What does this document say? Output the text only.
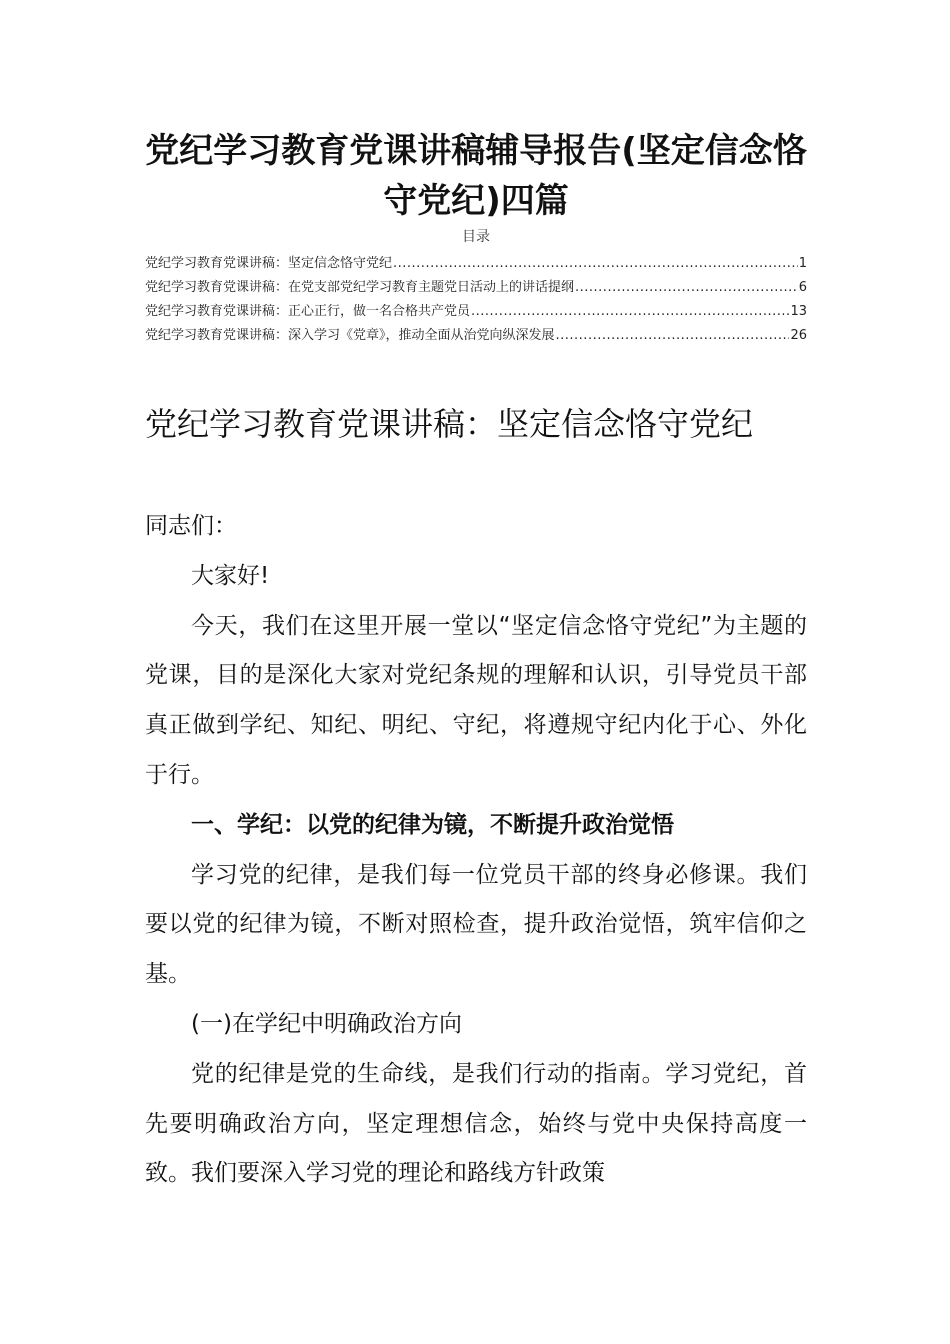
党纪学习教育党课讲稿辅导报告(坚定信念恪守党纪)四篇
目录
党纪学习教育党课讲稿：坚定信念恪守党纪 .....	1
党纪学习教育党课讲稿：在党支部党纪学习教育主题党日活动上的讲话提纲 .....	6
党纪学习教育党课讲稿：正心正行，做一名合格共产党员 .....	13
党纪学习教育党课讲稿：深入学习《党章》，推动全面从治党向纵深发展 .....	26
党纪学习教育党课讲稿：坚定信念恪守党纪

同志们：

大家好!

今天，我们在这里开展一堂以“坚定信念恪守党纪”为主题的党课，目的是深化大家对党纪条规的理解和认识，引导党员干部真正做到学纪、知纪、明纪、守纪，将遵规守纪内化于心、外化于行。

一、学纪：以党的纪律为镜，不断提升政治觉悟

学习党的纪律，是我们每一位党员干部的终身必修课。我们要以党的纪律为镜，不断对照检查，提升政治觉悟，筑牢信仰之基。

(一)在学纪中明确政治方向

党的纪律是党的生命线，是我们行动的指南。学习党纪，首先要明确政治方向，坚定理想信念，始终与党中央保持高度一致。我们要深入学习党的理论和路线方针政策
